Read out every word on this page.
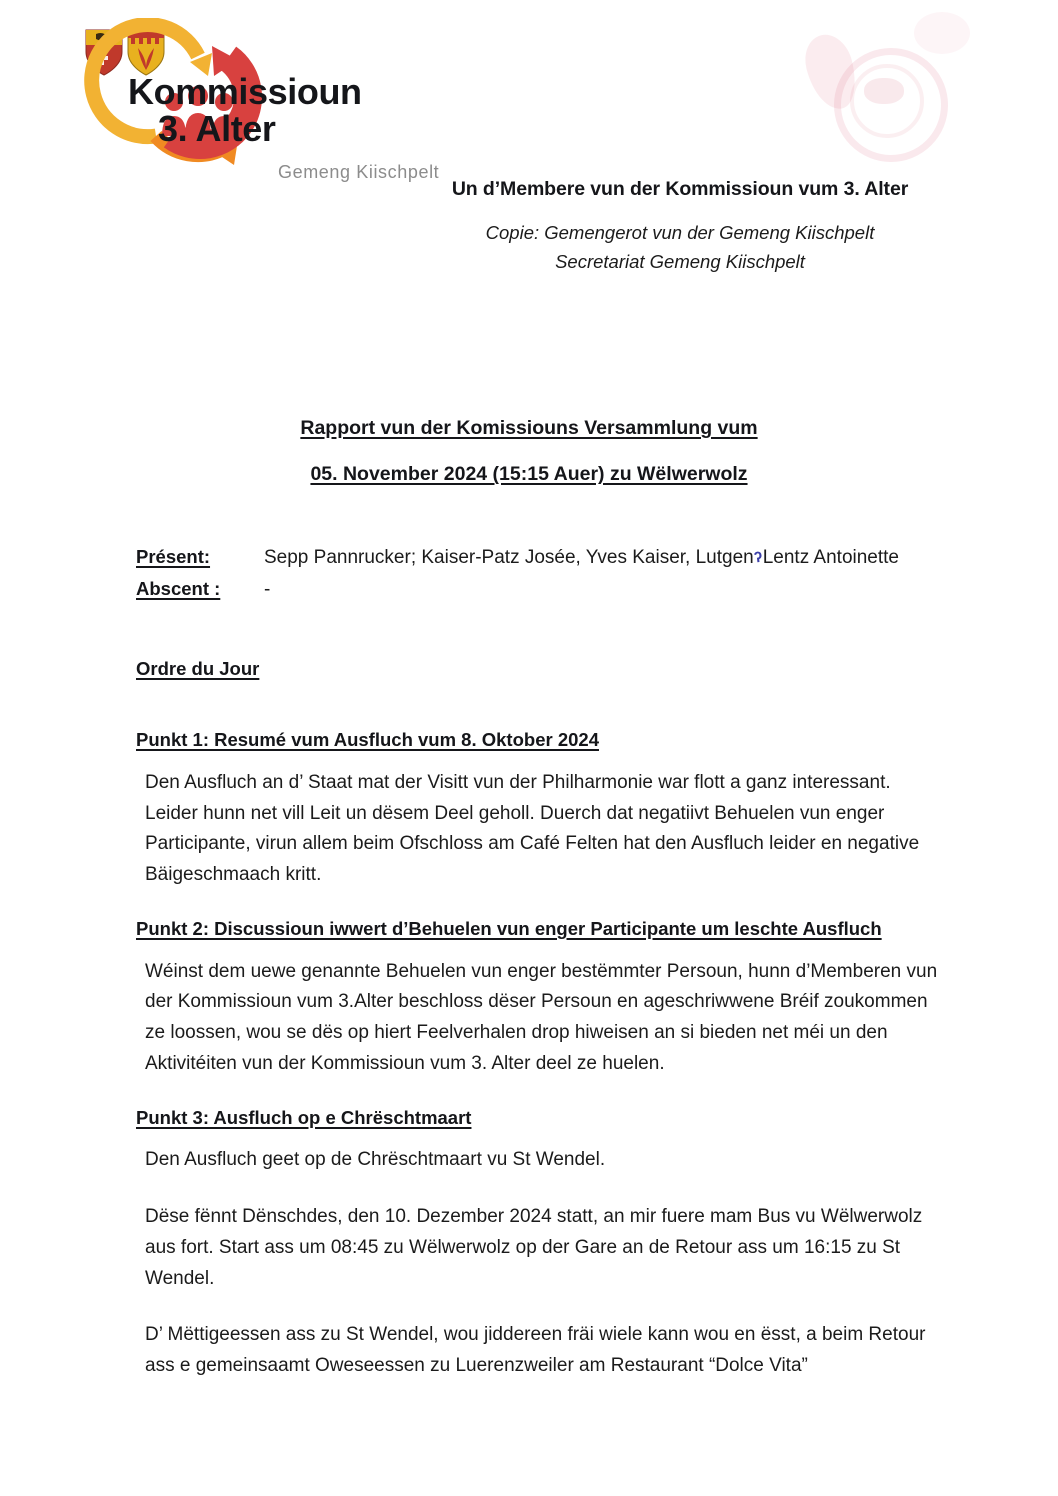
Kommissioun
3. Alter
Gemeng Kiischpelt

Un d’Membere vun der Kommissioun vum 3. Alter

Copie: Gemengerot vun der Gemeng Kiischpelt
Secretariat Gemeng Kiischpelt

Rapport vun der Komissiouns Versammlung vum
05. November 2024 (15:15 Auer) zu Wëlwerwolz
Présent:	Sepp Pannrucker; Kaiser-Patz Josée, Yves Kaiser, LutgenʔLentz Antoinette
Abscent :	-
Ordre du Jour

Punkt 1: Resumé vum Ausfluch vum 8. Oktober 2024

Den Ausfluch an d’ Staat mat der Visitt vun der Philharmonie war flott a ganz interessant. Leider hunn net vill Leit un dësem Deel geholl. Duerch dat negatiivt Behuelen vun enger Participante, virun allem beim Ofschloss am Café Felten hat den Ausfluch leider en negative Bäigeschmaach kritt.

Punkt 2: Discussioun iwwert d’Behuelen vun enger Participante um leschte Ausfluch

Wéinst dem uewe genannte Behuelen vun enger bestëmmter Persoun, hunn d’Memberen vun der Kommissioun vum 3.Alter beschloss dëser Persoun en ageschriwwene Bréif zoukommen ze loossen, wou se dës op hiert Feelverhalen drop hiweisen an si bieden net méi un den Aktivitéiten vun der Kommissioun vum 3. Alter deel ze huelen.

Punkt 3: Ausfluch op e Chrëschtmaart

Den Ausfluch geet op de Chrëschtmaart vu St Wendel.

Dëse fënnt Dënschdes, den 10. Dezember 2024 statt, an mir fuere mam Bus vu Wëlwerwolz aus fort. Start ass um 08:45 zu Wëlwerwolz op der Gare an de Retour ass um 16:15 zu St Wendel.

D’ Mëttigeessen ass zu St Wendel, wou jiddereen fräi wiele kann wou en ësst, a beim Retour ass e gemeinsaamt Oweseessen zu Luerenzweiler am Restaurant “Dolce Vita”
